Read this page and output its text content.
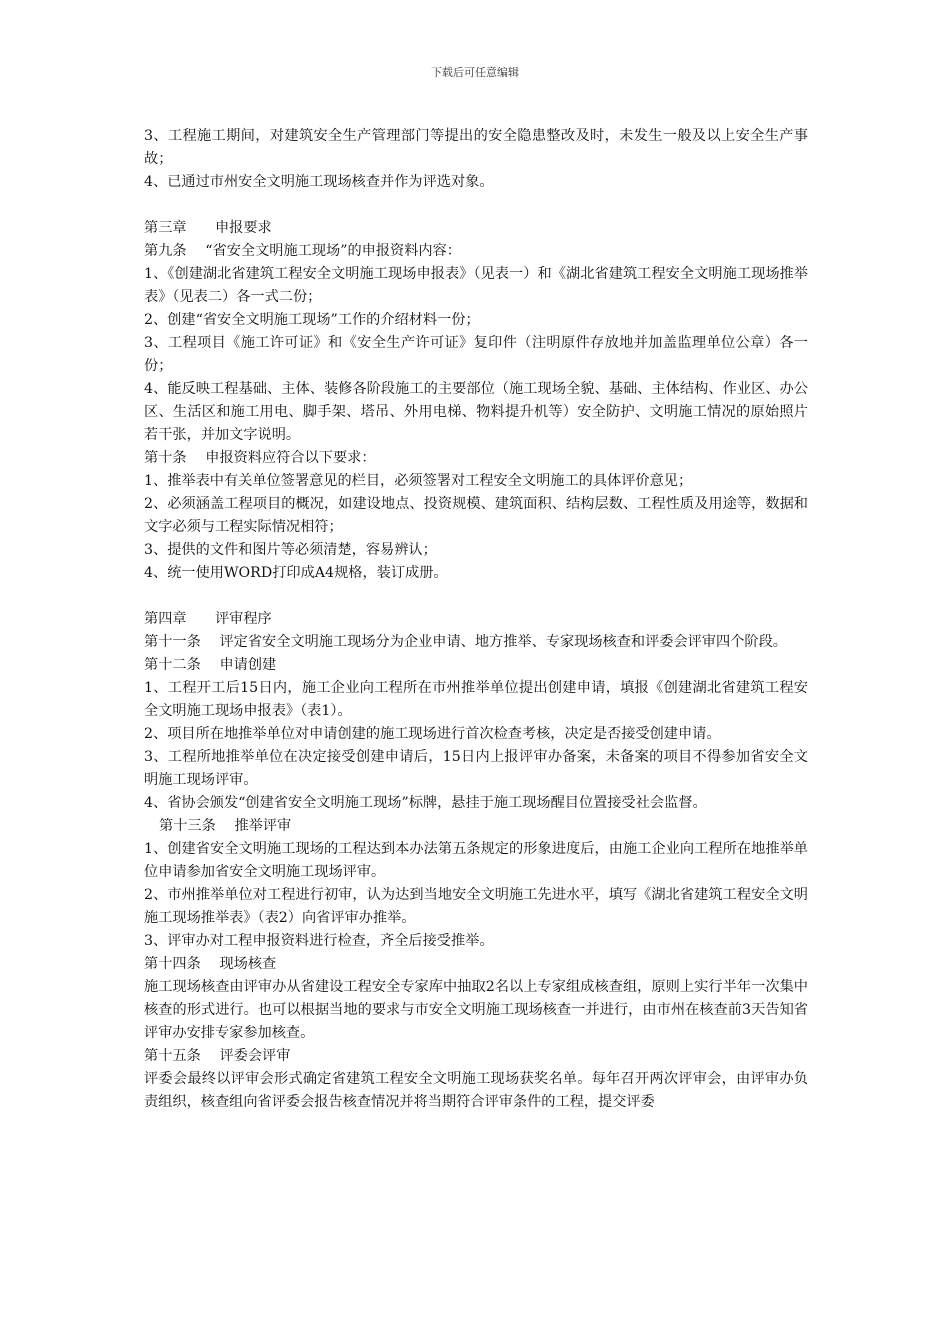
下载后可任意编辑

3、工程施工期间，对建筑安全生产管理部门等提出的安全隐患整改及时，未发生一般及以上安全生产事故；

4、已通过市州安全文明施工现场核查并作为评选对象。

第三章　　申报要求

第九条　 “省安全文明施工现场”的申报资料内容：

1、《创建湖北省建筑工程安全文明施工现场申报表》（见表一）和《湖北省建筑工程安全文明施工现场推举表》（见表二）各一式二份；

2、创建“省安全文明施工现场”工作的介绍材料一份；

3、工程项目《施工许可证》和《安全生产许可证》复印件（注明原件存放地并加盖监理单位公章）各一份；

4、能反映工程基础、主体、装修各阶段施工的主要部位（施工现场全貌、基础、主体结构、作业区、办公区、生活区和施工用电、脚手架、塔吊、外用电梯、物料提升机等）安全防护、文明施工情况的原始照片若干张，并加文字说明。

第十条　 申报资料应符合以下要求：

1、推举表中有关单位签署意见的栏目，必须签署对工程安全文明施工的具体评价意见；

2、必须涵盖工程项目的概况，如建设地点、投资规模、建筑面积、结构层数、工程性质及用途等，数据和文字必须与工程实际情况相符；

3、提供的文件和图片等必须清楚，容易辨认；

4、统一使用WORD打印成A4规格，装订成册。

第四章　　评审程序

第十一条　 评定省安全文明施工现场分为企业申请、地方推举、专家现场核查和评委会评审四个阶段。

第十二条　 申请创建

1、工程开工后15日内，施工企业向工程所在市州推举单位提出创建申请，填报《创建湖北省建筑工程安全文明施工现场申报表》（表1）。

2、项目所在地推举单位对申请创建的施工现场进行首次检查考核，决定是否接受创建申请。

3、工程所地推举单位在决定接受创建申请后，15日内上报评审办备案，未备案的项目不得参加省安全文明施工现场评审。

4、省协会颁发“创建省安全文明施工现场”标牌，悬挂于施工现场醒目位置接受社会监督。

第十三条　 推举评审

1、创建省安全文明施工现场的工程达到本办法第五条规定的形象进度后，由施工企业向工程所在地推举单位申请参加省安全文明施工现场评审。

2、市州推举单位对工程进行初审，认为达到当地安全文明施工先进水平，填写《湖北省建筑工程安全文明施工现场推举表》（表2）向省评审办推举。

3、评审办对工程申报资料进行检查，齐全后接受推举。

第十四条　 现场核查

施工现场核查由评审办从省建设工程安全专家库中抽取2名以上专家组成核查组，原则上实行半年一次集中核查的形式进行。也可以根据当地的要求与市安全文明施工现场核查一并进行，由市州在核查前3天告知省评审办安排专家参加核查。

第十五条　 评委会评审

评委会最终以评审会形式确定省建筑工程安全文明施工现场获奖名单。每年召开两次评审会，由评审办负责组织，核查组向省评委会报告核查情况并将当期符合评审条件的工程，提交评委
